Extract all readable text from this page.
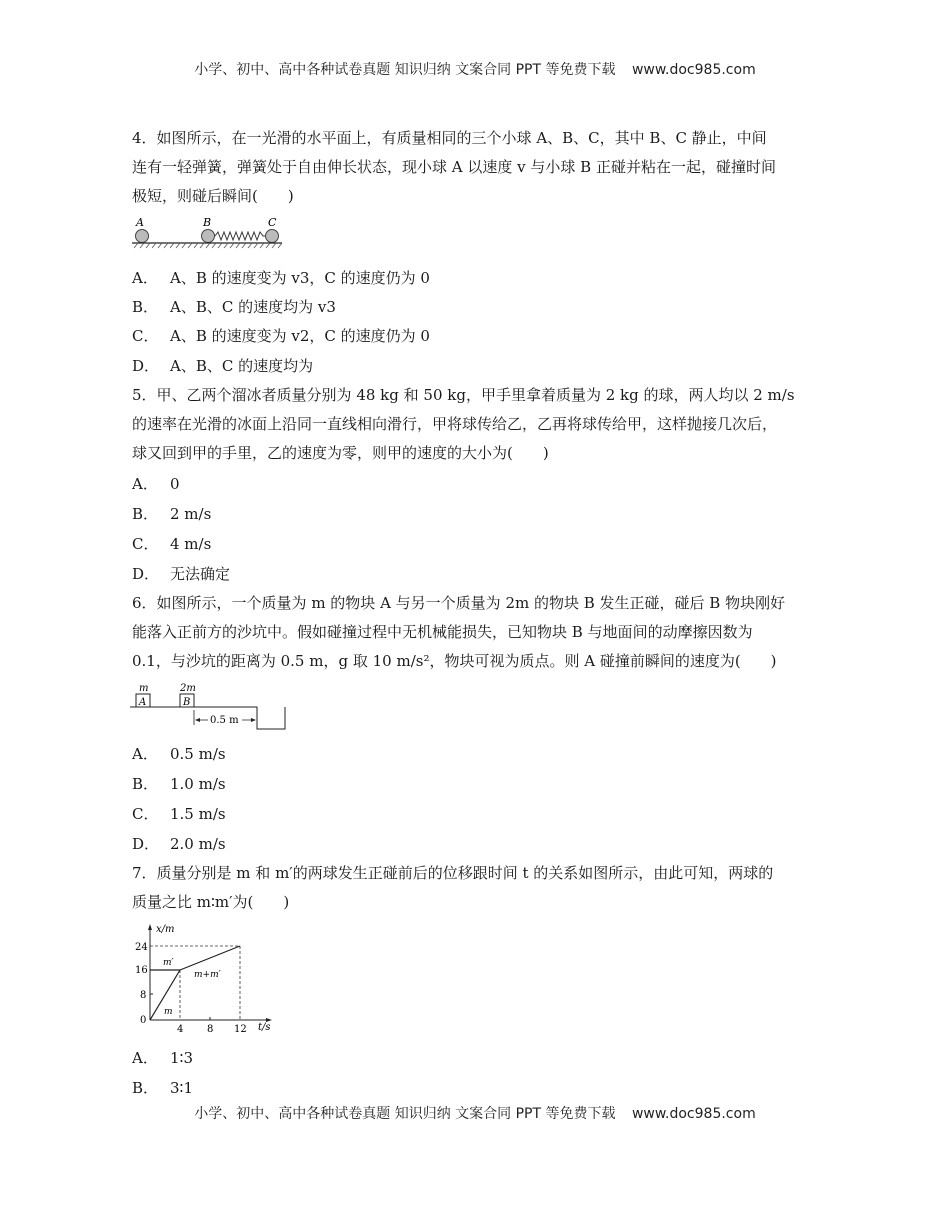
小学、初中、高中各种试卷真题 知识归纳 文案合同 PPT 等免费下载 www.doc985.com
4．如图所示，在一光滑的水平面上，有质量相同的三个小球 A、B、C，其中 B、C 静止，中间
连有一轻弹簧，弹簧处于自由伸长状态，现小球 A 以速度 v 与小球 B 正碰并粘在一起，碰撞时间
极短，则碰后瞬间(　　)
A	B	C
A． A、B 的速度变为 v3，C 的速度仍为 0
B． A、B、C 的速度均为 v3
C． A、B 的速度变为 v2，C 的速度仍为 0
D． A、B、C 的速度均为
5．甲、乙两个溜冰者质量分别为 48 kg 和 50 kg，甲手里拿着质量为 2 kg 的球，两人均以 2 m/s
的速率在光滑的冰面上沿同一直线相向滑行，甲将球传给乙，乙再将球传给甲，这样抛接几次后，
球又回到甲的手里，乙的速度为零，则甲的速度的大小为(　　)
A． 0
B． 2 m/s
C． 4 m/s
D． 无法确定
6．如图所示，一个质量为 m 的物块 A 与另一个质量为 2m 的物块 B 发生正碰，碰后 B 物块刚好
能落入正前方的沙坑中。假如碰撞过程中无机械能损失，已知物块 B 与地面间的动摩擦因数为
0.1，与沙坑的距离为 0.5 m，g 取 10 m/s²，物块可视为质点。则 A 碰撞前瞬间的速度为(　　)
m	2m
A	B
0.5 m
A． 0.5 m/s
B． 1.0 m/s
C． 1.5 m/s
D． 2.0 m/s
7．质量分别是 m 和 m′的两球发生正碰前后的位移跟时间 t 的关系如图所示，由此可知，两球的
质量之比 m∶m′为(　　)
x/m
t/s
24
16
8
0
4 8 12
m′
m+m′
m
A． 1∶3
B． 3∶1
小学、初中、高中各种试卷真题 知识归纳 文案合同 PPT 等免费下载 www.doc985.com
